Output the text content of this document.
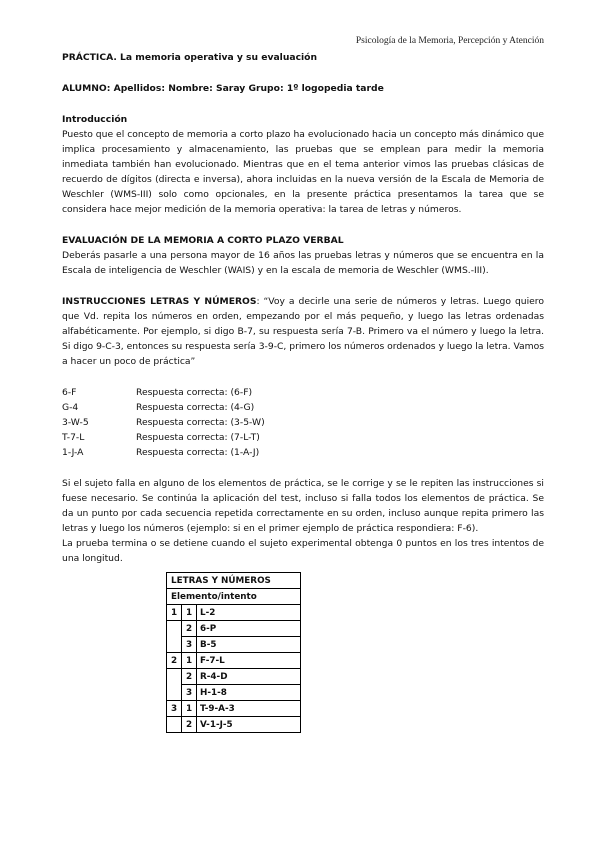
Psicología de la Memoria, Percepción y Atención

PRÁCTICA. La memoria operativa y su evaluación

ALUMNO: Apellidos: Nombre: Saray Grupo: 1º logopedia tarde

Introducción

Puesto que el concepto de memoria a corto plazo ha evolucionado hacia un concepto más dinámico que implica procesamiento y almacenamiento, las pruebas que se emplean para medir la memoria inmediata también han evolucionado. Mientras que en el tema anterior vimos las pruebas clásicas de recuerdo de dígitos (directa e inversa), ahora incluidas en la nueva versión de la Escala de Memoria de Weschler (WMS-III) solo como opcionales, en la presente práctica presentamos la tarea que se considera hace mejor medición de la memoria operativa: la tarea de letras y números.

EVALUACIÓN DE LA MEMORIA A CORTO PLAZO VERBAL

Deberás pasarle a una persona mayor de 16 años las pruebas letras y números que se encuentra en la Escala de inteligencia de Weschler (WAIS) y en la escala de memoria de Weschler (WMS.-III).

INSTRUCCIONES LETRAS Y NÚMEROS: “Voy a decirle una serie de números y letras. Luego quiero que Vd. repita los números en orden, empezando por el más pequeño, y luego las letras ordenadas alfabéticamente. Por ejemplo, si digo B-7, su respuesta sería 7-B. Primero va el número y luego la letra. Si digo 9-C-3, entonces su respuesta sería 3-9-C, primero los números ordenados y luego la letra. Vamos a hacer un poco de práctica”

6-F	Respuesta correcta: (6-F)
G-4	Respuesta correcta: (4-G)
3-W-5	Respuesta correcta: (3-5-W)
T-7-L	Respuesta correcta: (7-L-T)
1-J-A	Respuesta correcta: (1-A-J)

Si el sujeto falla en alguno de los elementos de práctica, se le corrige y se le repiten las instrucciones si fuese necesario. Se continúa la aplicación del test, incluso si falla todos los elementos de práctica. Se da un punto por cada secuencia repetida correctamente en su orden, incluso aunque repita primero las letras y luego los números (ejemplo: si en el primer ejemplo de práctica respondiera: F-6).

La prueba termina o se detiene cuando el sujeto experimental obtenga 0 puntos en los tres intentos de una longitud.

LETRAS Y NÚMEROS		
Elemento/intento		
1	1	L-2
	2	6-P
	3	B-5
2	1	F-7-L
	2	R-4-D
	3	H-1-8
3	1	T-9-A-3
	2	V-1-J-5
